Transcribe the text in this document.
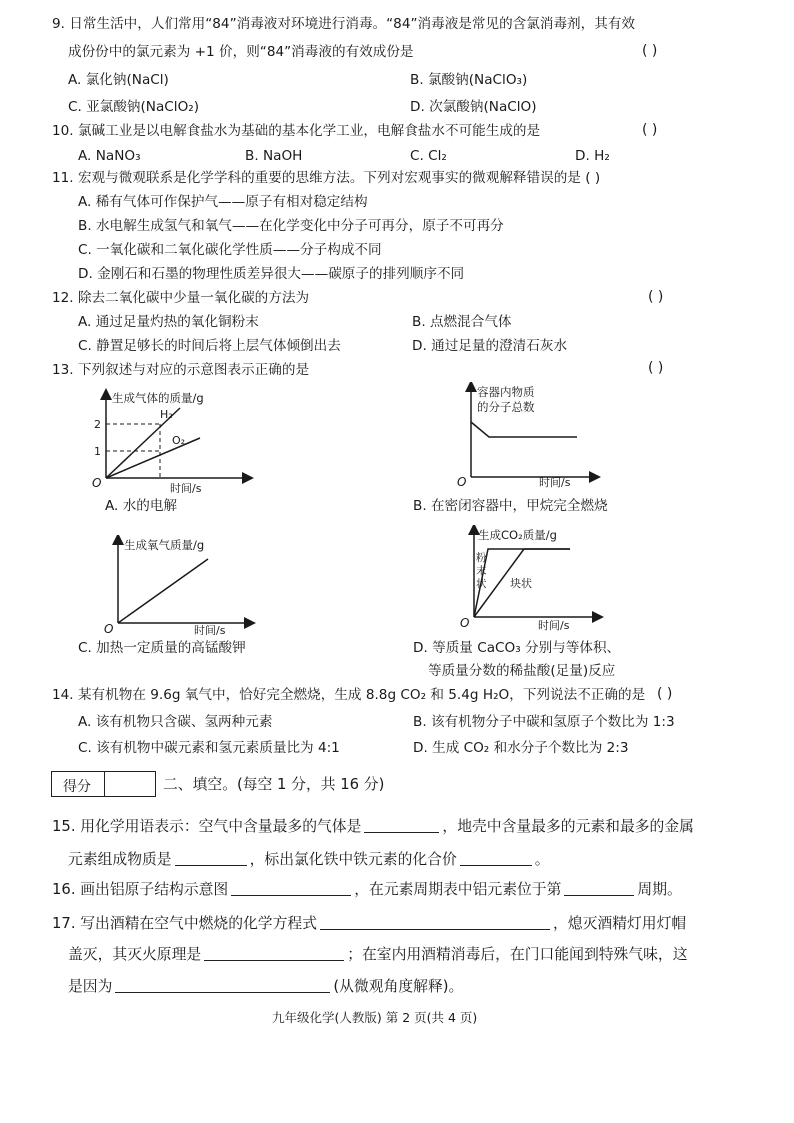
9. 日常生活中，人们常用“84”消毒液对环境进行消毒。“84”消毒液是常见的含氯消毒剂，其有效
成份份中的氯元素为 +1 价，则“84”消毒液的有效成份是	( )
A. 氯化钠(NaCl)	B. 氯酸钠(NaClO₃)
C. 亚氯酸钠(NaClO₂)	D. 次氯酸钠(NaClO)
10. 氯碱工业是以电解食盐水为基础的基本化学工业，电解食盐水不可能生成的是	( )
A. NaNO₃	B. NaOH	C. Cl₂	D. H₂
11. 宏观与微观联系是化学学科的重要的思维方法。下列对宏观事实的微观解释错误的是 ( )
A. 稀有气体可作保护气——原子有相对稳定结构
B. 水电解生成氢气和氧气——在化学变化中分子可再分，原子不可再分
C. 一氧化碳和二氧化碳化学性质——分子构成不同
D. 金刚石和石墨的物理性质差异很大——碳原子的排列顺序不同
12. 除去二氧化碳中少量一氧化碳的方法为	( )
A. 通过足量灼热的氧化铜粉末	B. 点燃混合气体
C. 静置足够长的时间后将上层气体倾倒出去	D. 通过足量的澄清石灰水
13. 下列叙述与对应的示意图表示正确的是	( )
生成气体的质量/g
2
1
H₂
O₂
O	时间/s
A. 水的电解
容器内物质
的分子总数
O	时间/s
B. 在密闭容器中，甲烷完全燃烧
生成氧气质量/g
O	时间/s
C. 加热一定质量的高锰酸钾
生成CO₂质量/g
粉
末
状 块状
O	时间/s
D. 等质量 CaCO₃ 分别与等体积、
等质量分数的稀盐酸(足量)反应
14. 某有机物在 9.6g 氧气中，恰好完全燃烧，生成 8.8g CO₂ 和 5.4g H₂O，下列说法不正确的是 ( )
A. 该有机物只含碳、氢两种元素	B. 该有机物分子中碳和氢原子个数比为 1:3
C. 该有机物中碳元素和氢元素质量比为 4:1	D. 生成 CO₂ 和水分子个数比为 2:3
得分	二、填空。(每空 1 分，共 16 分)
15. 用化学用语表示：空气中含量最多的气体是	，地壳中含量最多的元素和最多的金属
元素组成物质是	，标出氯化铁中铁元素的化合价	。
16. 画出铝原子结构示意图	，在元素周期表中铝元素位于第	周期。
17. 写出酒精在空气中燃烧的化学方程式	，熄灭酒精灯用灯帽
盖灭，其灭火原理是	；在室内用酒精消毒后，在门口能闻到特殊气味，这
是因为	(从微观角度解释)。
九年级化学(人教版) 第 2 页(共 4 页)
